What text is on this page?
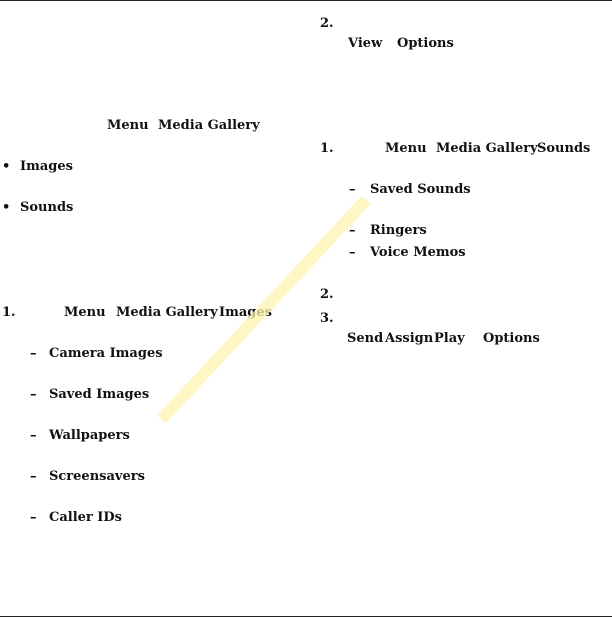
Menu Media Gallery
• Images
• Sounds
1.	Menu Media Gallery Images
– Camera Images
– Saved Images
– Wallpapers
– Screensavers
– Caller IDs
2.
View Options
1.	Menu Media Gallery Sounds
– Saved Sounds
– Ringers
– Voice Memos
2.
3.
Send Assign Play Options
